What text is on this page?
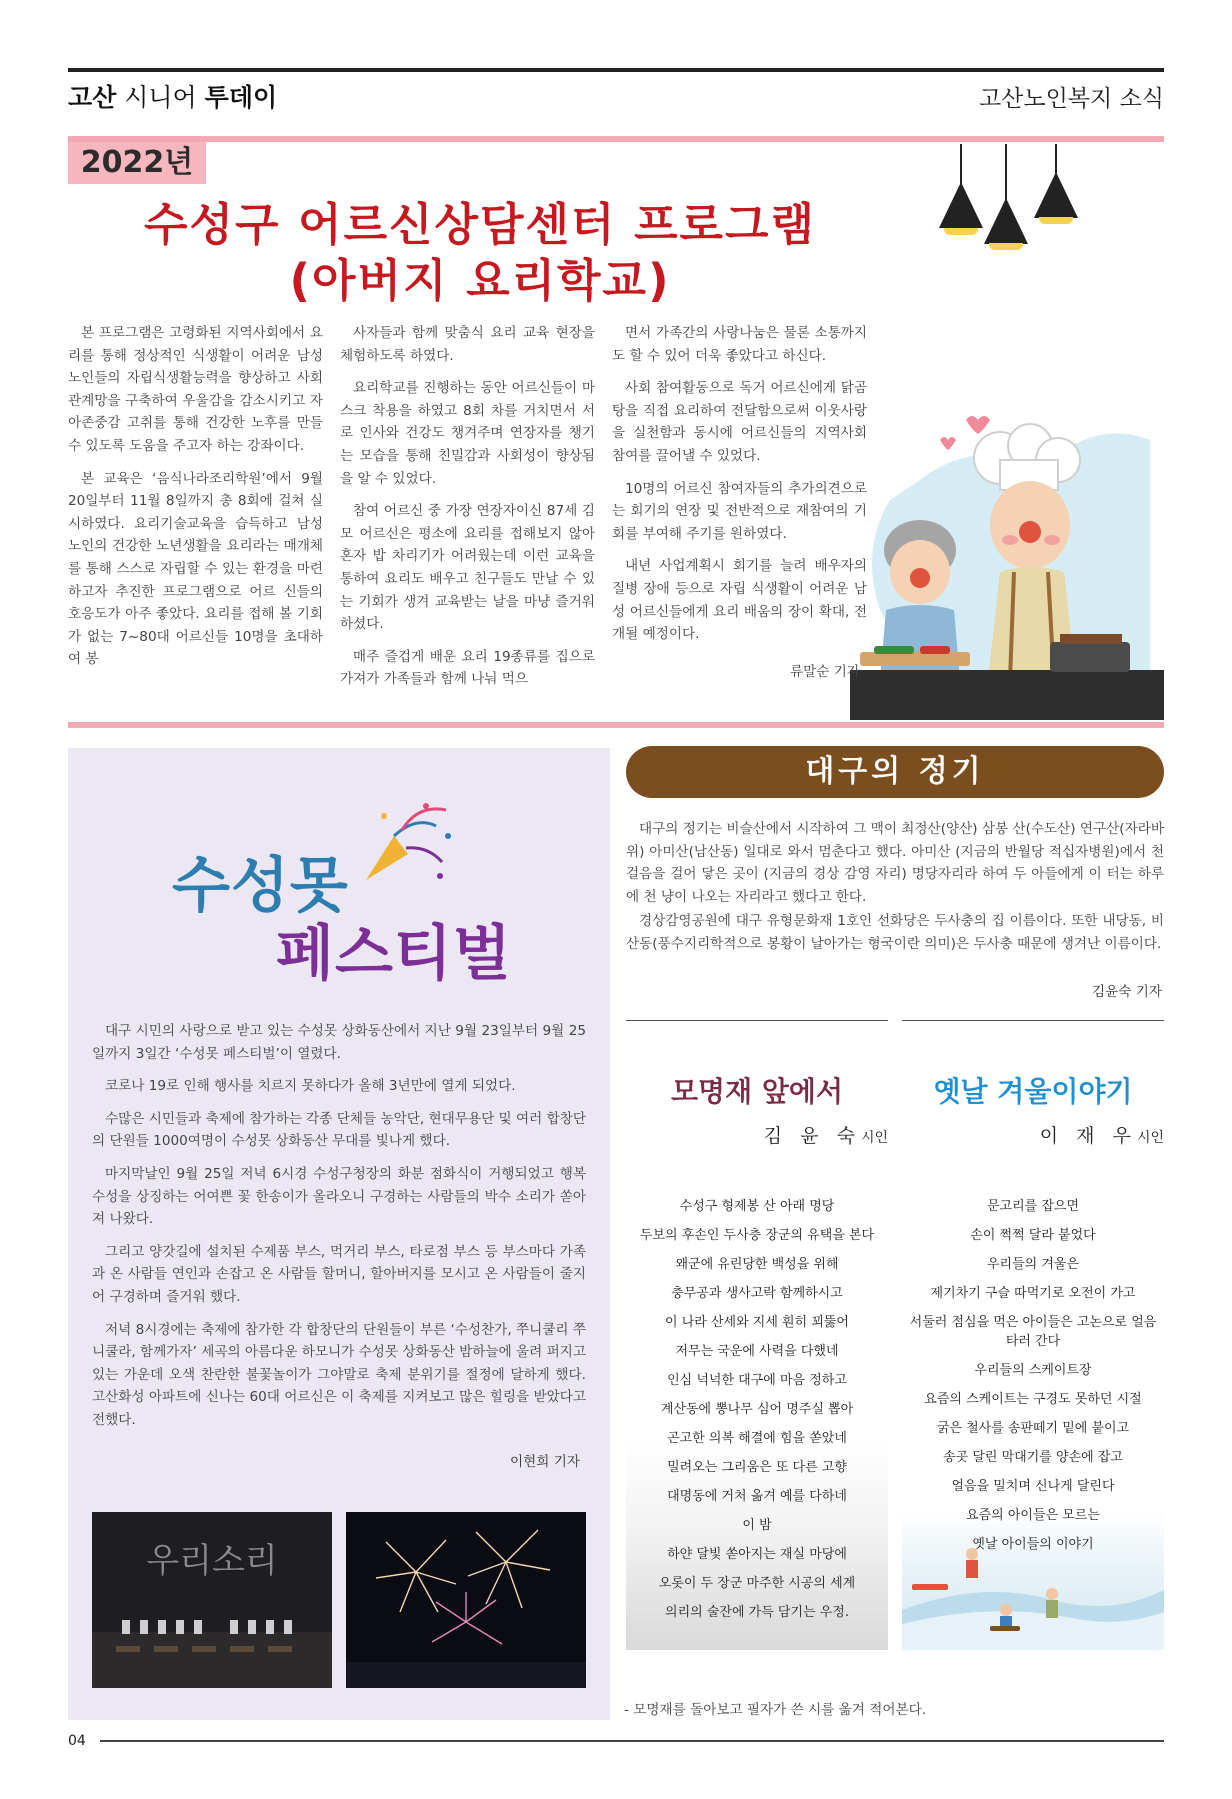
고산 시니어 투데이	고산노인복지 소식
2022년
수성구 어르신상담센터 프로그램
(아버지 요리학교)

본 프로그램은 고령화된 지역사회에서 요리를 통해 정상적인 식생활이 어려운 남성 노인들의 자립식생활능력을 향상하고 사회관계망을 구축하여 우울감을 감소시키고 자아존중감 고취를 통해 건강한 노후를 만들 수 있도록 도움을 주고자 하는 강좌이다.

본 교육은 ‘음식나라조리학원’에서 9월 20일부터 11월 8일까지 총 8회에 걸쳐 실시하였다. 요리기술교육을 습득하고 남성 노인의 건강한 노년생활을 요리라는 매개체를 통해 스스로 자립할 수 있는 환경을 마련하고자 추진한 프로그램으로 어르 신들의 호응도가 아주 좋았다. 요리를 접해 볼 기회가 없는 7~80대 어르신들 10명을 초대하여 봉

사자들과 함께 맞춤식 요리 교육 현장을 체험하도록 하였다.

요리학교를 진행하는 동안 어르신들이 마스크 착용을 하였고 8회 차를 거치면서 서로 인사와 건강도 챙겨주며 연장자를 챙기는 모습을 통해 친밀감과 사회성이 향상됨을 알 수 있었다.

참여 어르신 중 가장 연장자이신 87세 김모 어르신은 평소에 요리를 접해보지 않아 혼자 밥 차리기가 어려웠는데 이런 교육을 통하여 요리도 배우고 친구들도 만날 수 있는 기회가 생겨 교육받는 날을 마냥 즐거워하셨다.

매주 즐겁게 배운 요리 19종류를 집으로 가져가 가족들과 함께 나눠 먹으

면서 가족간의 사랑나눔은 물론 소통까지도 할 수 있어 더욱 좋았다고 하신다.

사회 참여활동으로 독거 어르신에게 닭곰탕을 직접 요리하여 전달함으로써 이웃사랑을 실천함과 동시에 어르신들의 지역사회 참여를 끌어낼 수 있었다.

10명의 어르신 참여자들의 추가의견으로는 회기의 연장 및 전반적으로 재참여의 기회를 부여해 주기를 원하였다.

내년 사업계획시 회기를 늘려 배우자의 질병 장애 등으로 자립 식생활이 어려운 남성 어르신들에게 요리 배움의 장이 확대, 전개될 예정이다.

류말순 기자
수성못
페스티벌

대구 시민의 사랑으로 받고 있는 수성못 상화동산에서 지난 9월 23일부터 9월 25일까지 3일간 ‘수성못 페스티벌’이 열렸다.

코로나 19로 인해 행사를 치르지 못하다가 올해 3년만에 열게 되었다.

수많은 시민들과 축제에 참가하는 각종 단체들 농악단, 현대무용단 및 여러 합창단의 단원들 1000여명이 수성못 상화동산 무대를 빛나게 했다.

마지막날인 9월 25일 저녁 6시경 수성구청장의 화분 점화식이 거행되었고 행복 수성을 상징하는 어여쁜 꽃 한송이가 올라오니 구경하는 사람들의 박수 소리가 쏟아져 나왔다.

그리고 양갓길에 설치된 수제품 부스, 먹거리 부스, 타로점 부스 등 부스마다 가족과 온 사람들 연인과 손잡고 온 사람들 할머니, 할아버지를 모시고 온 사람들이 줄지어 구경하며 즐거워 했다.

저녁 8시경에는 축제에 참가한 각 합창단의 단원들이 부른 ‘수성찬가, 쭈니쿨리 쭈니쿨라, 함께가자’ 세곡의 아름다운 하모니가 수성못 상화동산 밤하늘에 울려 퍼지고 있는 가운데 오색 찬란한 불꽃놀이가 그야말로 축제 분위기를 절정에 달하게 했다. 고산화성 아파트에 신나는 60대 어르신은 이 축제를 지켜보고 많은 힐링을 받았다고 전했다.

이현희 기자
우리소리
대구의 정기

대구의 정기는 비슬산에서 시작하여 그 맥이 최정산(양산) 삼봉 산(수도산) 연구산(자라바위) 아미산(남산동) 일대로 와서 멈춘다고 했다. 아미산 (지금의 반월당 적십자병원)에서 천 걸음을 걸어 닿은 곳이 (지금의 경상 감영 자리) 명당자리라 하여 두 아들에게 이 터는 하루에 천 냥이 나오는 자리라고 했다고 한다.

경상감영공원에 대구 유형문화재 1호인 선화당은 두사충의 집 이름이다. 또한 내당동, 비산동(풍수지리학적으로 봉황이 날아가는 형국이란 의미)은 두사충 때문에 생겨난 이름이다.

김윤숙 기자
모명재 앞에서	옛날 겨울이야기
김 윤 숙시인	이 재 우시인
수성구 형제봉 산 아래 명당
두보의 후손인 두사충 장군의 유택을 본다
왜군에 유린당한 백성을 위해
충무공과 생사고락 함께하시고
이 나라 산세와 지세 훤히 꾀뚫어
저무는 국운에 사력을 다했네
인심 넉넉한 대구에 마음 정하고
계산동에 뽕나무 심어 명주실 뽑아
곤고한 의복 해결에 힘을 쏟았네
밀려오는 그리움은 또 다른 고향
대명동에 거처 옮겨 예를 다하네
이 밤
하얀 달빛 쏟아지는 재실 마당에
오롯이 두 장군 마주한 시공의 세계
의리의 술잔에 가득 담기는 우정.
문고리를 잡으면
손이 쩍쩍 달라 붙었다
우리들의 겨울은
제기차기 구슬 따먹기로 오전이 가고
서둘러 점심을 먹은 아이들은 고논으로 얼음 타러 간다
우리들의 스케이트장
요즘의 스케이트는 구경도 못하던 시절
굵은 철사를 송판떼기 밑에 붙이고
송곳 달린 막대기를 양손에 잡고
얼음을 밀치며 신나게 달린다
요즘의 아이들은 모르는
옛날 아이들의 이야기
- 모명재를 돌아보고 필자가 쓴 시를 옮겨 적어본다.
04
